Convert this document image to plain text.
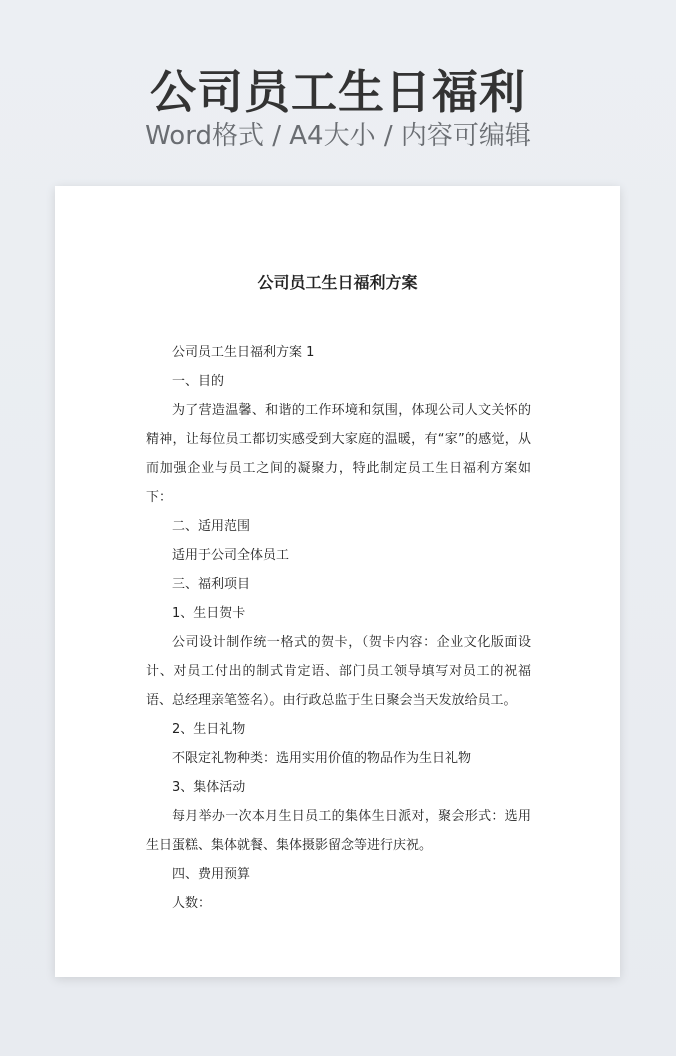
公司员工生日福利
Word格式 / A4大小 / 内容可编辑
公司员工生日福利方案

公司员工生日福利方案 1

一、目的

为了营造温馨、和谐的工作环境和氛围，体现公司人文关怀的精神，让每位员工都切实感受到大家庭的温暖，有“家”的感觉，从而加强企业与员工之间的凝聚力，特此制定员工生日福利方案如下：

二、适用范围

适用于公司全体员工

三、福利项目

1、生日贺卡

公司设计制作统一格式的贺卡，（贺卡内容：企业文化版面设计、对员工付出的制式肯定语、部门员工领导填写对员工的祝福语、总经理亲笔签名）。由行政总监于生日聚会当天发放给员工。

2、生日礼物

不限定礼物种类：选用实用价值的物品作为生日礼物

3、集体活动

每月举办一次本月生日员工的集体生日派对，聚会形式：选用生日蛋糕、集体就餐、集体摄影留念等进行庆祝。

四、费用预算

人数：
